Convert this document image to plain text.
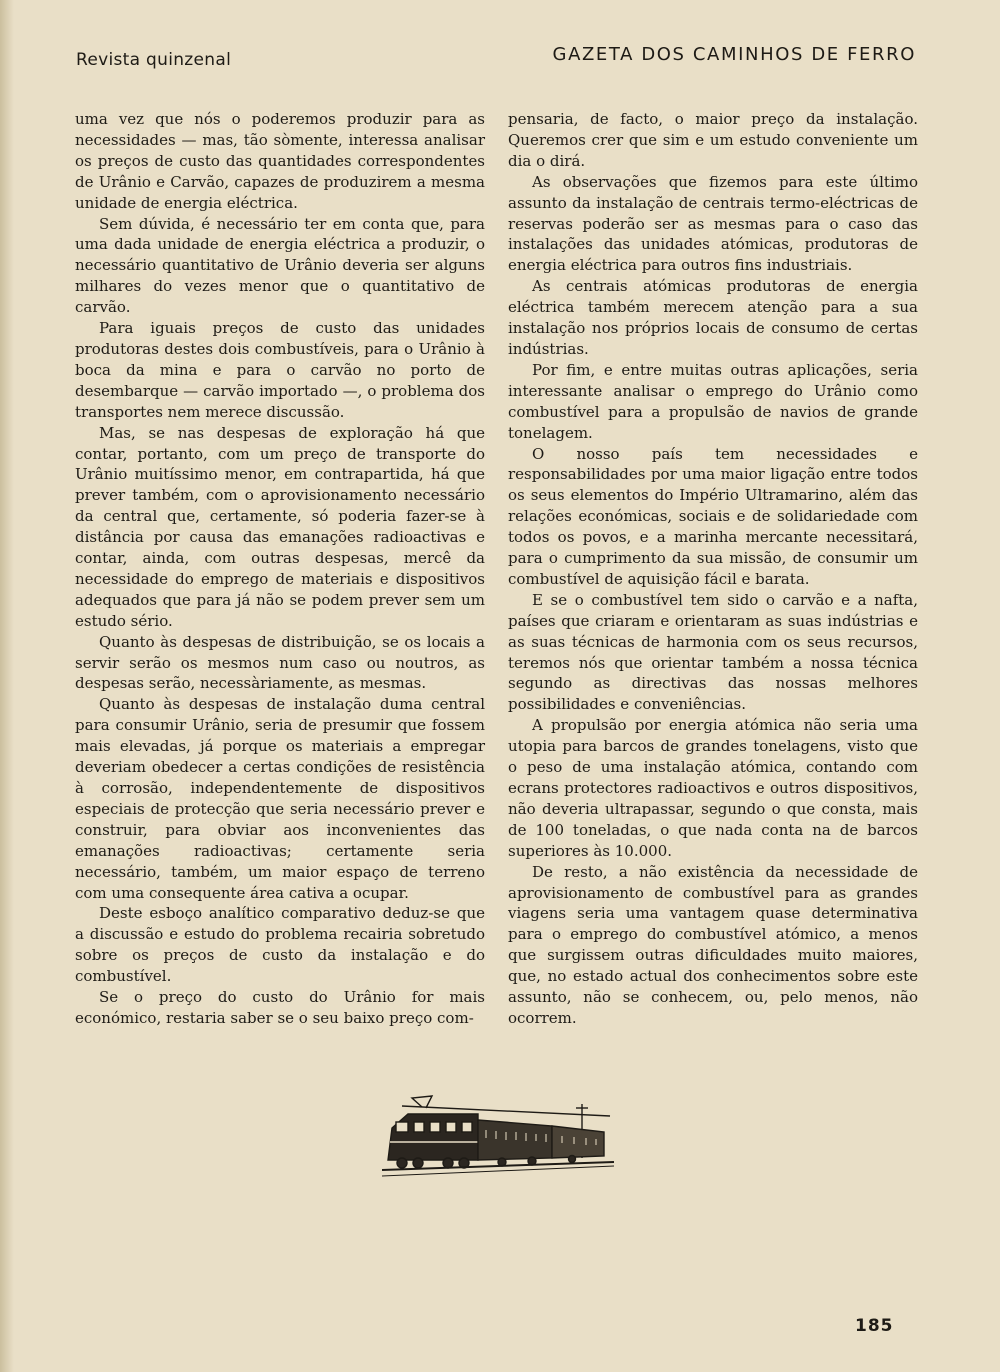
Revista quinzenal	GAZETA DOS CAMINHOS DE FERRO

uma vez que nós o poderemos produzir para as necessidades — mas, tão sòmente, interessa analisar os preços de custo das quantidades correspondentes de Urânio e Carvão, capazes de produzirem a mesma unidade de energia eléctrica.

Sem dúvida, é necessário ter em conta que, para uma dada unidade de energia eléctrica a produzir, o necessário quantitativo de Urânio deveria ser alguns milhares do vezes menor que o quantitativo de carvão.

Para iguais preços de custo das unidades produtoras destes dois combustíveis, para o Urânio à boca da mina e para o carvão no porto de desembarque — carvão importado —, o problema dos transportes nem merece discussão.

Mas, se nas despesas de exploração há que contar, portanto, com um preço de transporte do Urânio muitíssimo menor, em contrapartida, há que prever também, com o aprovisionamento necessário da central que, certamente, só poderia fazer-se à distância por causa das emanações radioactivas e contar, ainda, com outras despesas, mercê da necessidade do emprego de materiais e dispositivos adequados que para já não se podem prever sem um estudo sério.

Quanto às despesas de distribuição, se os locais a servir serão os mesmos num caso ou noutros, as despesas serão, necessàriamente, as mesmas.

Quanto às despesas de instalação duma central para consumir Urânio, seria de presumir que fossem mais elevadas, já porque os materiais a empregar deveriam obedecer a certas condições de resistência à corrosão, independentemente de dispositivos especiais de protecção que seria necessário prever e construir, para obviar aos inconvenientes das emanações radioactivas; certamente seria necessário, também, um maior espaço de terreno com uma consequente área cativa a ocupar.

Deste esboço analítico comparativo deduz-se que a discussão e estudo do problema recairia sobretudo sobre os preços de custo da instalação e do combustível.

Se o preço do custo do Urânio for mais económico, restaria saber se o seu baixo preço com-

pensaria, de facto, o maior preço da instalação. Queremos crer que sim e um estudo conveniente um dia o dirá.

As observações que fizemos para este último assunto da instalação de centrais termo-eléctricas de reservas poderão ser as mesmas para o caso das instalações das unidades atómicas, produtoras de energia eléctrica para outros fins industriais.

As centrais atómicas produtoras de energia eléctrica também merecem atenção para a sua instalação nos próprios locais de consumo de certas indústrias.

Por fim, e entre muitas outras aplicações, seria interessante analisar o emprego do Urânio como combustível para a propulsão de navios de grande tonelagem.

O nosso país tem necessidades e responsabilidades por uma maior ligação entre todos os seus elementos do Império Ultramarino, além das relações económicas, sociais e de solidariedade com todos os povos, e a marinha mercante necessitará, para o cumprimento da sua missão, de consumir um combustível de aquisição fácil e barata.

E se o combustível tem sido o carvão e a nafta, países que criaram e orientaram as suas indústrias e as suas técnicas de harmonia com os seus recursos, teremos nós que orientar também a nossa técnica segundo as directivas das nossas melhores possibilidades e conveniências.

A propulsão por energia atómica não seria uma utopia para barcos de grandes tonelagens, visto que o peso de uma instalação atómica, contando com ecrans protectores radioactivos e outros dispositivos, não deveria ultrapassar, segundo o que consta, mais de 100 toneladas, o que nada conta na de barcos superiores às 10.000.

De resto, a não existência da necessidade de aprovisionamento de combustível para as grandes viagens seria uma vantagem quase determinativa para o emprego do combustível atómico, a menos que surgissem outras dificuldades muito maiores, que, no estado actual dos conhecimentos sobre este assunto, não se conhecem, ou, pelo menos, não ocorrem.

185
